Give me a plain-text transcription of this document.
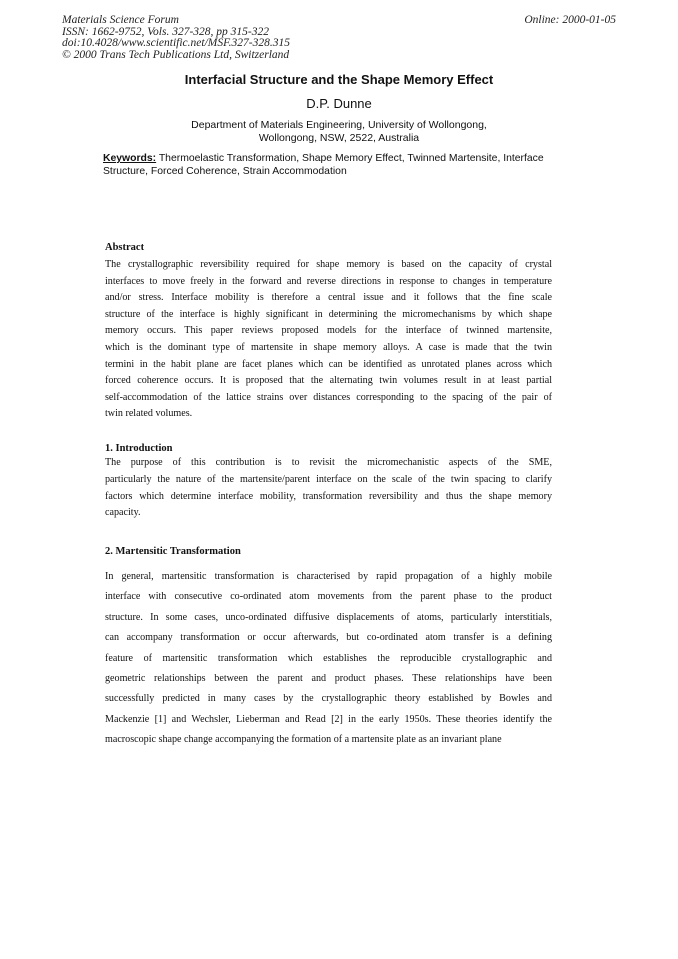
Materials Science Forum
ISSN: 1662-9752, Vols. 327-328, pp 315-322
doi:10.4028/www.scientific.net/MSF.327-328.315
© 2000 Trans Tech Publications Ltd, Switzerland
Online: 2000-01-05
Interfacial Structure and the Shape Memory Effect
D.P. Dunne
Department of Materials Engineering, University of Wollongong,
Wollongong, NSW, 2522, Australia
Keywords: Thermoelastic Transformation, Shape Memory Effect, Twinned Martensite, Interface Structure, Forced Coherence, Strain Accommodation
Abstract
The crystallographic reversibility required for shape memory is based on the capacity of crystal
interfaces to move freely in the forward and reverse directions in response to changes in temperature
and/or stress. Interface mobility is therefore a central issue and it follows that the fine scale
structure of the interface is highly significant in determining the micromechanisms by which shape
memory occurs. This paper reviews proposed models for the interface of twinned martensite,
which is the dominant type of martensite in shape memory alloys. A case is made that the twin
termini in the habit plane are facet planes which can be identified as unrotated planes across which
forced coherence occurs. It is proposed that the alternating twin volumes result in at least partial
self-accommodation of the lattice strains over distances corresponding to the spacing of the pair of
twin related volumes.
1. Introduction
The purpose of this contribution is to revisit the micromechanistic aspects of the SME,
particularly the nature of the martensite/parent interface on the scale of the twin spacing to clarify
factors which determine interface mobility, transformation reversibility and thus the shape memory
capacity.
2. Martensitic Transformation
In general, martensitic transformation is characterised by rapid propagation of a highly mobile
interface with consecutive co-ordinated atom movements from the parent phase to the product
structure. In some cases, unco-ordinated diffusive displacements of atoms, particularly interstitials,
can accompany transformation or occur afterwards, but co-ordinated atom transfer is a defining
feature of martensitic transformation which establishes the reproducible crystallographic and
geometric relationships between the parent and product phases. These relationships have been
successfully predicted in many cases by the crystallographic theory established by Bowles and
Mackenzie [1] and Wechsler, Lieberman and Read [2] in the early 1950s. These theories identify the
macroscopic shape change accompanying the formation of a martensite plate as an invariant plane
